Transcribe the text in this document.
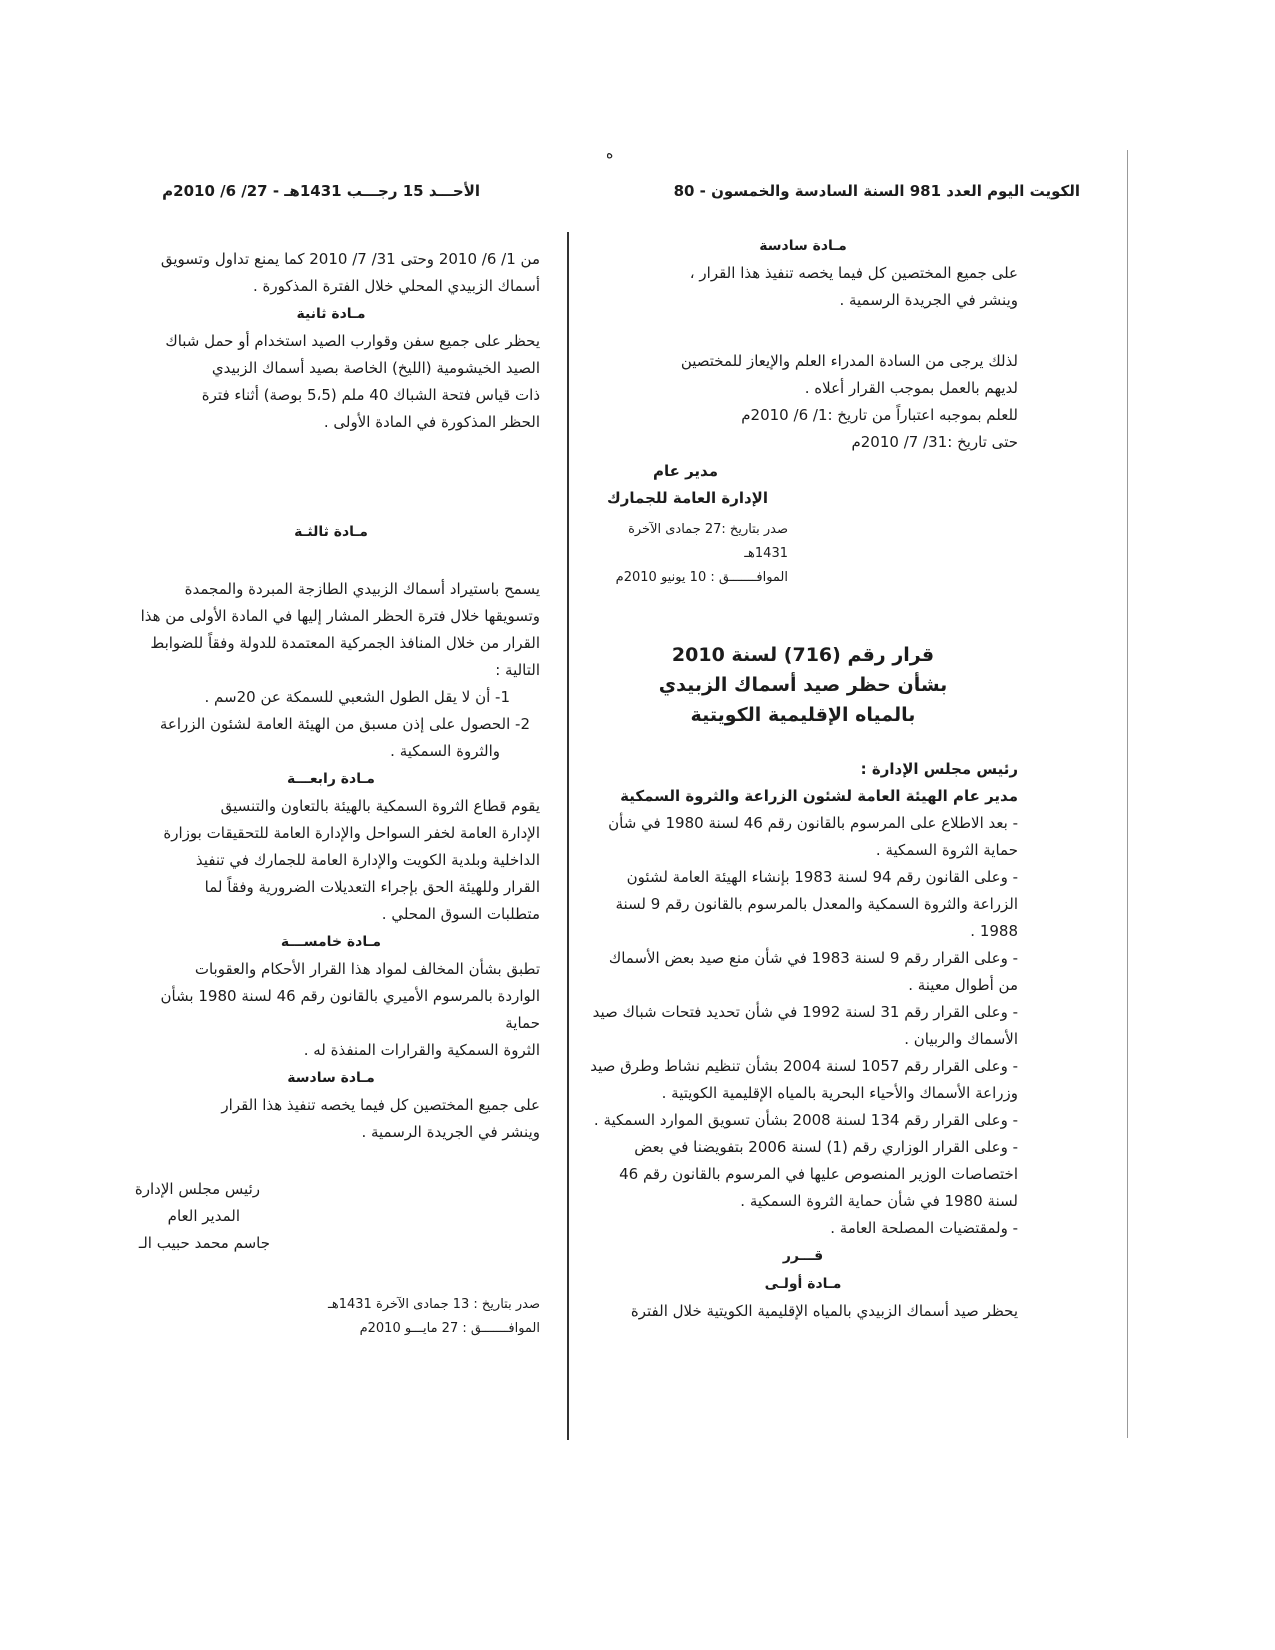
ه
الكويت اليوم العدد 981 السنة السادسة والخمسون - 80
الأحـــد 15 رجـــب 1431هـ - 27/ 6/ 2010م

مـادة سادسة

على جميع المختصين كل فيما يخصه تنفيذ هذا القرار ،

وينشر في الجريدة الرسمية .

لذلك يرجى من السادة المدراء العلم والإيعاز للمختصين

لديهم بالعمل بموجب القرار أعلاه .

للعلم بموجبه اعتباراً من تاريخ :1/ 6/ 2010م

حتى تاريخ :31/ 7/ 2010م

مدير عام

الإدارة العامة للجمارك

صدر بتاريخ :27 جمادى الآخرة 1431هـ

الموافـــــــق : 10 يونيو 2010م

قرار رقم (716) لسنة 2010

بشأن حظر صيد أسماك الزبيدي

بالمياه الإقليمية الكويتية

رئيس مجلس الإدارة :

مدير عام الهيئة العامة لشئون الزراعة والثروة السمكية

- بعد الاطلاع على المرسوم بالقانون رقم 46 لسنة 1980 في شأن حماية الثروة السمكية .

- وعلى القانون رقم 94 لسنة 1983 بإنشاء الهيئة العامة لشئون الزراعة والثروة السمكية والمعدل بالمرسوم بالقانون رقم 9 لسنة 1988 .

- وعلى القرار رقم 9 لسنة 1983 في شأن منع صيد بعض الأسماك من أطوال معينة .

- وعلى القرار رقم 31 لسنة 1992 في شأن تحديد فتحات شباك صيد الأسماك والربيان .

- وعلى القرار رقم 1057 لسنة 2004 بشأن تنظيم نشاط وطرق صيد وزراعة الأسماك والأحياء البحرية بالمياه الإقليمية الكويتية .

- وعلى القرار رقم 134 لسنة 2008 بشأن تسويق الموارد السمكية .

- وعلى القرار الوزاري رقم (1) لسنة 2006 بتفويضنا في بعض اختصاصات الوزير المنصوص عليها في المرسوم بالقانون رقم 46 لسنة 1980 في شأن حماية الثروة السمكية .

- ولمقتضيات المصلحة العامة .

قـــرر

مـادة أولـى

يحظر صيد أسماك الزبيدي بالمياه الإقليمية الكويتية خلال الفترة

من 1/ 6/ 2010 وحتى 31/ 7/ 2010 كما يمنع تداول وتسويق

أسماك الزبيدي المحلي خلال الفترة المذكورة .

مـادة ثانية

يحظر على جميع سفن وقوارب الصيد استخدام أو حمل شباك

الصيد الخيشومية (الليخ) الخاصة بصيد أسماك الزبيدي

ذات قياس فتحة الشباك 40 ملم (5،5 بوصة) أثناء فترة

الحظر المذكورة في المادة الأولى .

مـادة ثالثـة

يسمح باستيراد أسماك الزبيدي الطازجة المبردة والمجمدة

وتسويقها خلال فترة الحظر المشار إليها في المادة الأولى من هذا

القرار من خلال المنافذ الجمركية المعتمدة للدولة وفقاً للضوابط

التالية :

1- أن لا يقل الطول الشعبي للسمكة عن 20سم .

2- الحصول على إذن مسبق من الهيئة العامة لشئون الزراعة

والثروة السمكية .

مـادة رابعـــة

يقوم قطاع الثروة السمكية بالهيئة بالتعاون والتنسيق

الإدارة العامة لخفر السواحل والإدارة العامة للتحقيقات بوزارة

الداخلية وبلدية الكويت والإدارة العامة للجمارك في تنفيذ

القرار وللهيئة الحق بإجراء التعديلات الضرورية وفقاً لما

متطلبات السوق المحلي .

مـادة خامســـة

تطبق بشأن المخالف لمواد هذا القرار الأحكام والعقوبات

الواردة بالمرسوم الأميري بالقانون رقم 46 لسنة 1980 بشأن حماية

الثروة السمكية والقرارات المنفذة له .

مـادة سادسة

على جميع المختصين كل فيما يخصه تنفيذ هذا القرار

وينشر في الجريدة الرسمية .

رئيس مجلس الإدارة

المدير العام

جاسم محمد حبيب الـ

صدر بتاريخ : 13 جمادى الآخرة 1431هـ

الموافـــــــق : 27 مايـــو 2010م
